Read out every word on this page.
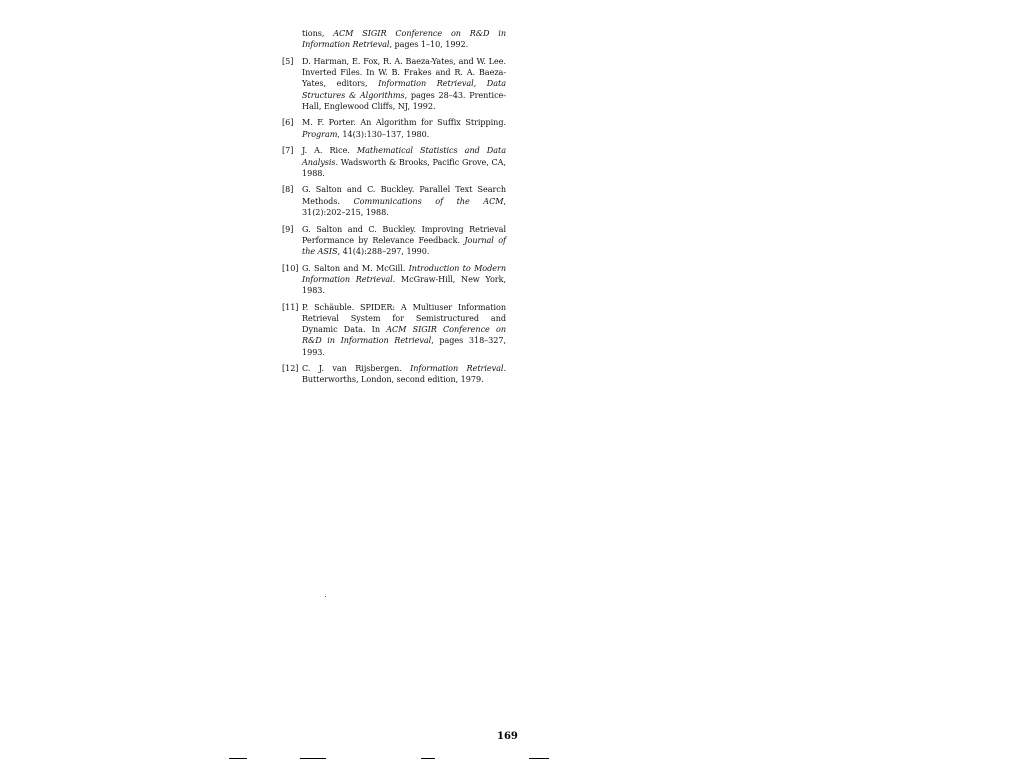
tions, ACM SIGIR Conference on R&D in Information Retrieval, pages 1–10, 1992.
[5]	D. Harman, E. Fox, R. A. Baeza-Yates, and W. Lee. Inverted Files. In W. B. Frakes and R. A. Baeza-Yates, editors, Information Retrieval, Data Structures & Algorithms, pages 28–43. Prentice-Hall, Englewood Cliffs, NJ, 1992.
[6]	M. F. Porter. An Algorithm for Suffix Stripping. Program, 14(3):130–137, 1980.
[7]	J. A. Rice. Mathematical Statistics and Data Analysis. Wadsworth & Brooks, Pacific Grove, CA, 1988.
[8]	G. Salton and C. Buckley. Parallel Text Search Methods. Communications of the ACM, 31(2):202–215, 1988.
[9]	G. Salton and C. Buckley. Improving Retrieval Performance by Relevance Feedback. Journal of the ASIS, 41(4):288–297, 1990.
[10] G. Salton and M. McGill. Introduction to Modern Information Retrieval. McGraw-Hill, New York, 1983.
[11] P. Schäuble. SPIDER: A Multiuser Information Retrieval System for Semistructured and Dynamic Data. In ACM SIGIR Conference on R&D in Information Retrieval, pages 318–327, 1993.
[12] C. J. van Rijsbergen. Information Retrieval. Butterworths, London, second edition, 1979.
169
